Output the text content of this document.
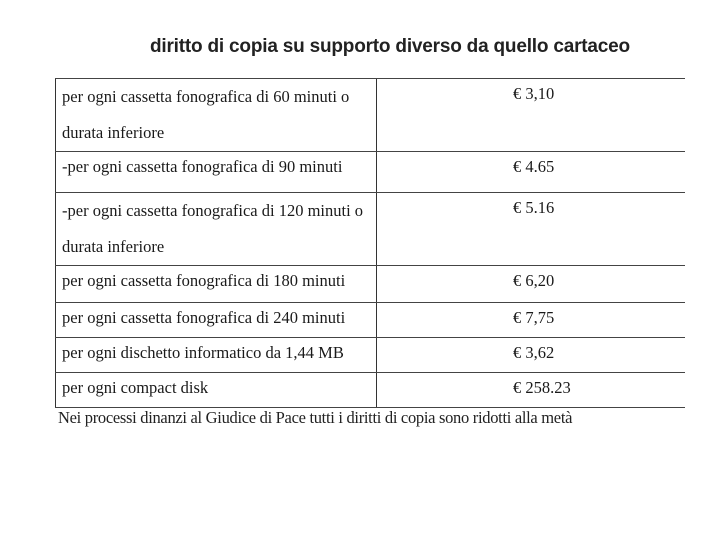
diritto di copia su supporto diverso da quello cartaceo
per ogni cassetta fonografica di 60 minuti o
durata inferiore	€ 3,10

-per ogni cassetta fonografica di 90 minuti	€ 4.65

-per ogni cassetta fonografica di 120 minuti o
durata inferiore	€ 5.16

per ogni cassetta fonografica di 180 minuti	€ 6,20

per ogni cassetta fonografica di 240 minuti	€ 7,75

per ogni dischetto informatico da 1,44 MB	€ 3,62

per ogni compact disk	€ 258.23
Nei processi dinanzi al Giudice di Pace tutti i diritti di copia sono ridotti alla metà
